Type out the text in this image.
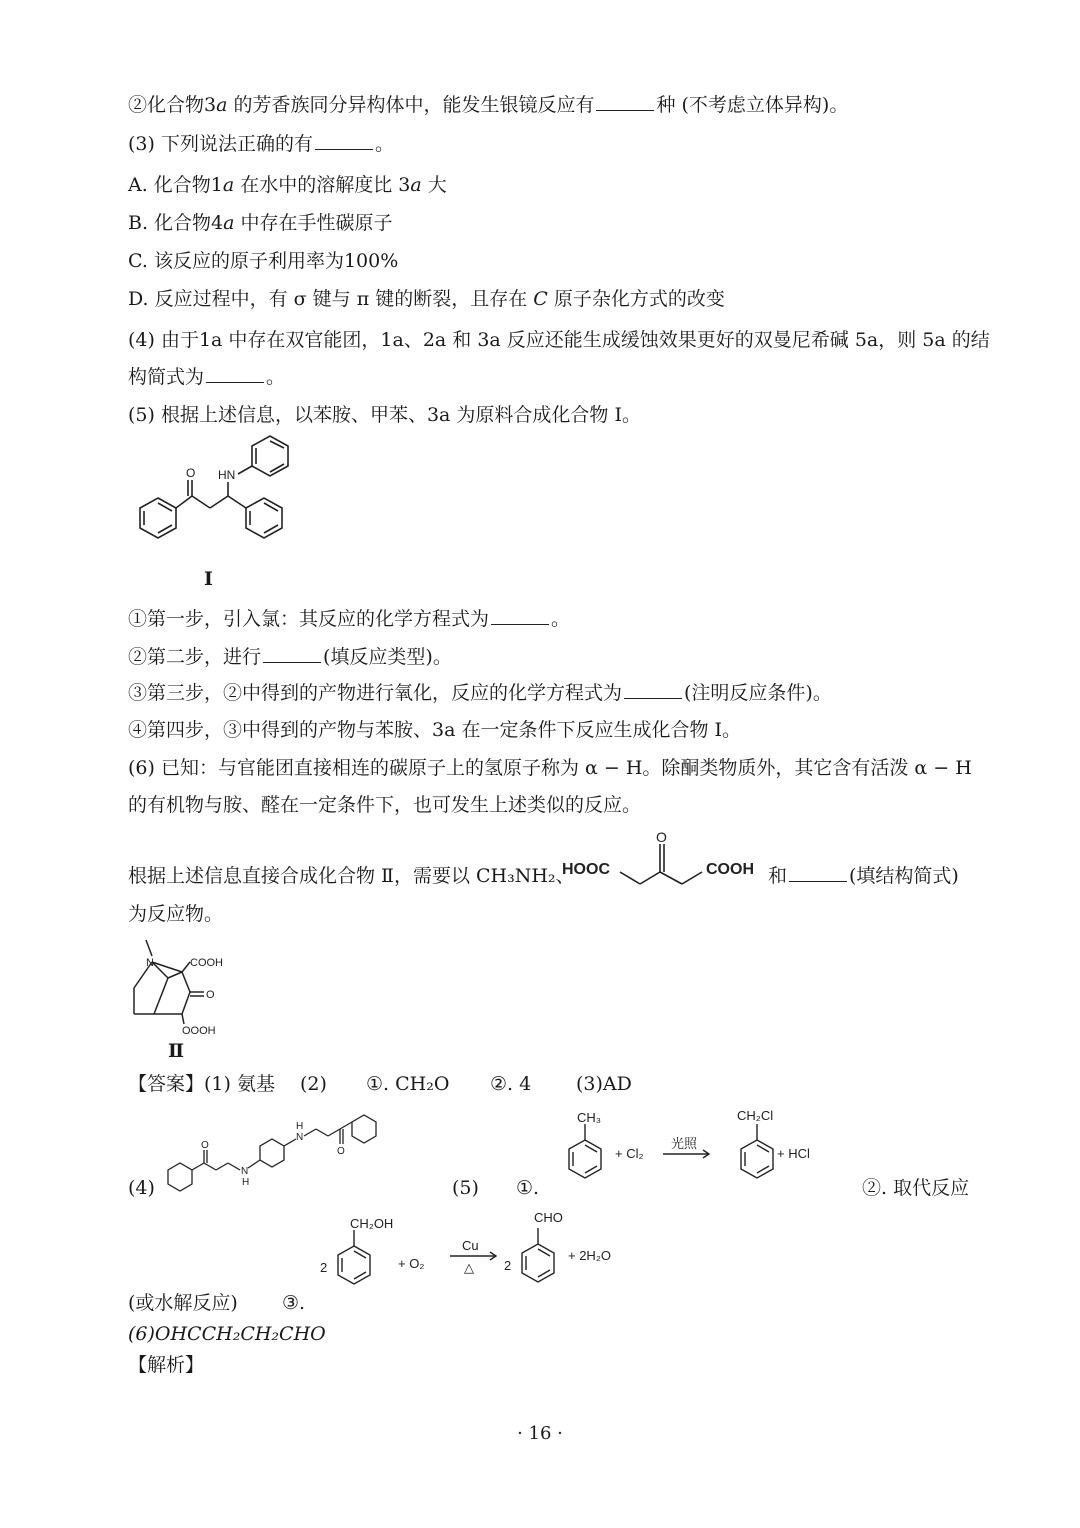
②化合物3a 的芳香族同分异构体中，能发生银镜反应有	种 (不考虑立体异构)。
(3) 下列说法正确的有	。
A. 化合物1a 在水中的溶解度比 3a 大
B. 化合物4a 中存在手性碳原子
C. 该反应的原子利用率为100%
D. 反应过程中，有 σ 键与 π 键的断裂，且存在 C 原子杂化方式的改变
(4) 由于1a 中存在双官能团，1a、2a 和 3a 反应还能生成缓蚀效果更好的双曼尼希碱 5a，则 5a 的结
构简式为	。
(5) 根据上述信息，以苯胺、甲苯、3a 为原料合成化合物 Ⅰ。
O HN
Ⅰ
①第一步，引入氯：其反应的化学方程式为	。
②第二步，进行	(填反应类型)。
③第三步，②中得到的产物进行氧化，反应的化学方程式为	(注明反应条件)。
④第四步，③中得到的产物与苯胺、3a 在一定条件下反应生成化合物 Ⅰ。
(6) 已知：与官能团直接相连的碳原子上的氢原子称为 α − H。除酮类物质外，其它含有活泼 α − H
的有机物与胺、醛在一定条件下，也可发生上述类似的反应。
根据上述信息直接合成化合物 Ⅱ，需要以 CH₃NH₂、
O
HOOC	COOH 和	(填结构简式)
为反应物。
N	COOH
O
OOOH
Ⅱ
【答案】(1) 氨基 (2) ①. CH₂O ②. 4 (3)AD
(4)
O
N
H
N
H
O
(5) ①.
CH₃
+ Cl₂
光照
CH₂Cl
+ HCl
②. 取代反应
CH₂OH
2	+ O₂
Cu
△ 2
CHO
+ 2H₂O
(或水解反应) ③.
(6)OHCCH₂CH₂CHO
【解析】
· 16 ·
